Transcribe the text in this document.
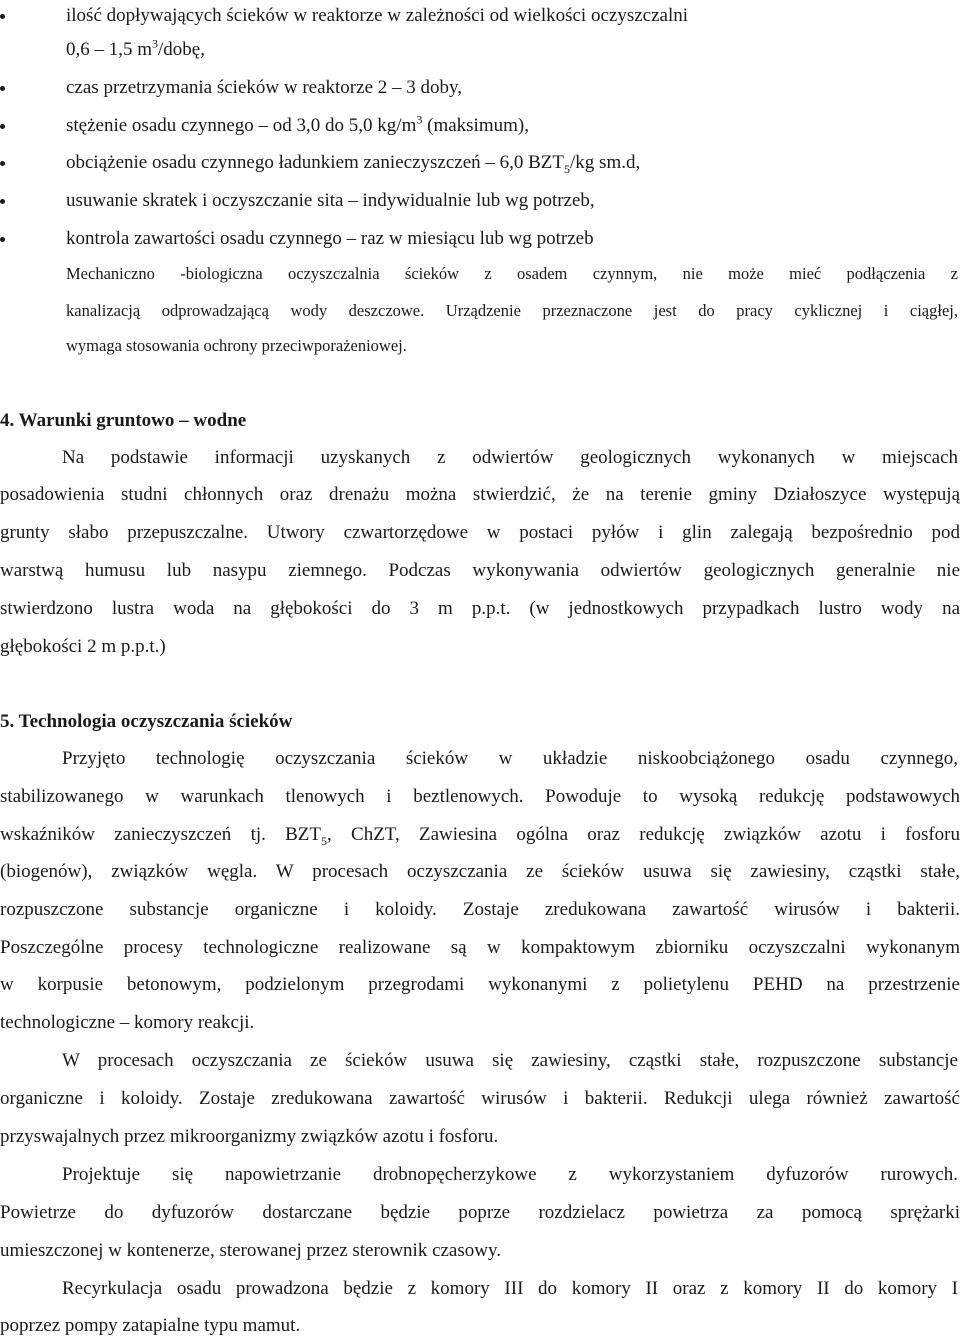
ilość dopływających ścieków w reaktorze w zależności od wielkości oczyszczalni
0,6 – 1,5 $m^3$/dobę,
czas przetrzymania ścieków w reaktorze 2 – 3 doby,
stężenie osadu czynnego – od 3,0 do 5,0 $kg/m^3$ (maksimum),
obciążenie osadu czynnego ładunkiem zanieczyszczeń – 6,0 $BZT_5/kg$ sm.d,
usuwanie skratek i oczyszczanie sita – indywidualnie lub wg potrzeb,
kontrola zawartości osadu czynnego – raz w miesiącu lub wg potrzeb
Mechaniczno -biologiczna oczyszczalnia ścieków z osadem czynnym, nie może mieć podłączenia z
kanalizacją odprowadzającą wody deszczowe. Urządzenie przeznaczone jest do pracy cyklicznej i ciągłej,
wymaga stosowania ochrony przeciwporażeniowej.
4. Warunki gruntowo – wodne
Na podstawie informacji uzyskanych z odwiertów geologicznych wykonanych w miejscach
posadowienia studni chłonnych oraz drenażu można stwierdzić, że na terenie gminy Działoszyce występują
grunty słabo przepuszczalne. Utwory czwartorzędowe w postaci pyłów i glin zalegają bezpośrednio pod
warstwą humusu lub nasypu ziemnego. Podczas wykonywania odwiertów geologicznych generalnie nie
stwierdzono lustra woda na głębokości do 3 m p.p.t. (w jednostkowych przypadkach lustro wody na
głębokości 2 m p.p.t.)
5. Technologia oczyszczania ścieków
Przyjęto technologię oczyszczania ścieków w układzie niskoobciążonego osadu czynnego,
stabilizowanego w warunkach tlenowych i beztlenowych. Powoduje to wysoką redukcję podstawowych
wskaźników zanieczyszczeń tj. $BZT_5$, ChZT, Zawiesina ogólna oraz redukcję związków azotu i fosforu
(biogenów), związków węgla. W procesach oczyszczania ze ścieków usuwa się zawiesiny, cząstki stałe,
rozpuszczone substancje organiczne i koloidy. Zostaje zredukowana zawartość wirusów i bakterii.
Poszczególne procesy technologiczne realizowane są w kompaktowym zbiorniku oczyszczalni wykonanym
w korpusie betonowym, podzielonym przegrodami wykonanymi z polietylenu PEHD na przestrzenie
technologiczne – komory reakcji.
W procesach oczyszczania ze ścieków usuwa się zawiesiny, cząstki stałe, rozpuszczone substancje
organiczne i koloidy. Zostaje zredukowana zawartość wirusów i bakterii. Redukcji ulega również zawartość
przyswajalnych przez mikroorganizmy związków azotu i fosforu.
Projektuje się napowietrzanie drobnopęcherzykowe z wykorzystaniem dyfuzorów rurowych.
Powietrze do dyfuzorów dostarczane będzie poprze rozdzielacz powietrza za pomocą sprężarki
umieszczonej w kontenerze, sterowanej przez sterownik czasowy.
Recyrkulacja osadu prowadzona będzie z komory III do komory II oraz z komory II do komory I
poprzez pompy zatapialne typu mamut.
